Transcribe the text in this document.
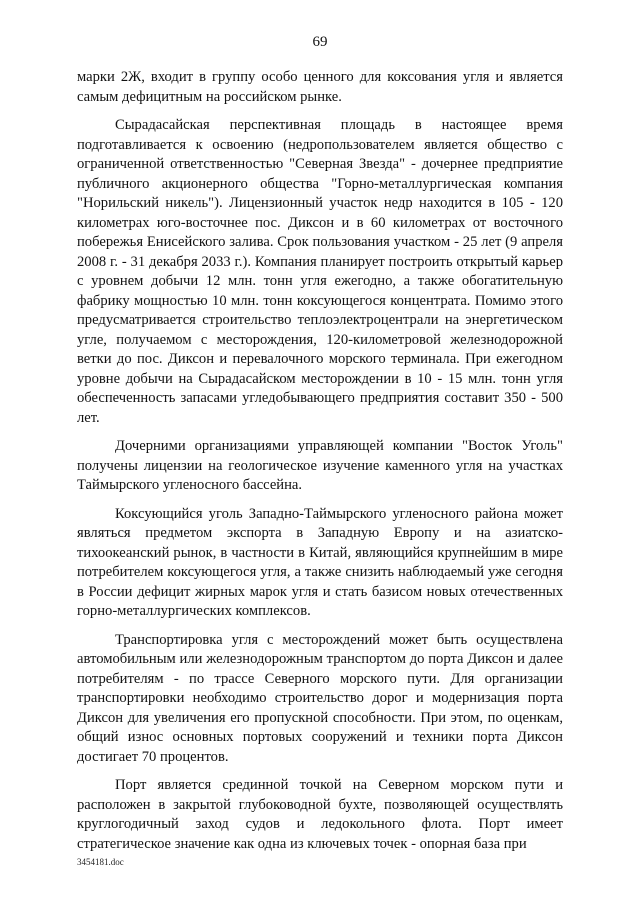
69

марки 2Ж, входит в группу особо ценного для коксования угля и является самым дефицитным на российском рынке.

Сырадасайская перспективная площадь в настоящее время подготавливается к освоению (недропользователем является общество с ограниченной ответственностью "Северная Звезда" - дочернее предприятие публичного акционерного общества "Горно-металлургическая компания "Норильский никель"). Лицензионный участок недр находится в 105 - 120 километрах юго-восточнее пос. Диксон и в 60 километрах от восточного побережья Енисейского залива. Срок пользования участком - 25 лет (9 апреля 2008 г. - 31 декабря 2033 г.). Компания планирует построить открытый карьер с уровнем добычи 12 млн. тонн угля ежегодно, а также обогатительную фабрику мощностью 10 млн. тонн коксующегося концентрата. Помимо этого предусматривается строительство теплоэлектроцентрали на энергетическом угле, получаемом с месторождения, 120-километровой железнодорожной ветки до пос. Диксон и перевалочного морского терминала. При ежегодном уровне добычи на Сырадасайском месторождении в 10 - 15 млн. тонн угля обеспеченность запасами угледобывающего предприятия составит 350 - 500 лет.

Дочерними организациями управляющей компании "Восток Уголь" получены лицензии на геологическое изучение каменного угля на участках Таймырского угленосного бассейна.

Коксующийся уголь Западно-Таймырского угленосного района может являться предметом экспорта в Западную Европу и на азиатско-тихоокеанский рынок, в частности в Китай, являющийся крупнейшим в мире потребителем коксующегося угля, а также снизить наблюдаемый уже сегодня в России дефицит жирных марок угля и стать базисом новых отечественных горно-металлургических комплексов.

Транспортировка угля с месторождений может быть осуществлена автомобильным или железнодорожным транспортом до порта Диксон и далее потребителям - по трассе Северного морского пути. Для организации транспортировки необходимо строительство дорог и модернизация порта Диксон для увеличения его пропускной способности. При этом, по оценкам, общий износ основных портовых сооружений и техники порта Диксон достигает 70 процентов.

Порт является срединной точкой на Северном морском пути и расположен в закрытой глубоководной бухте, позволяющей осуществлять круглогодичный заход судов и ледокольного флота. Порт имеет стратегическое значение как одна из ключевых точек - опорная база при

3454181.doc
